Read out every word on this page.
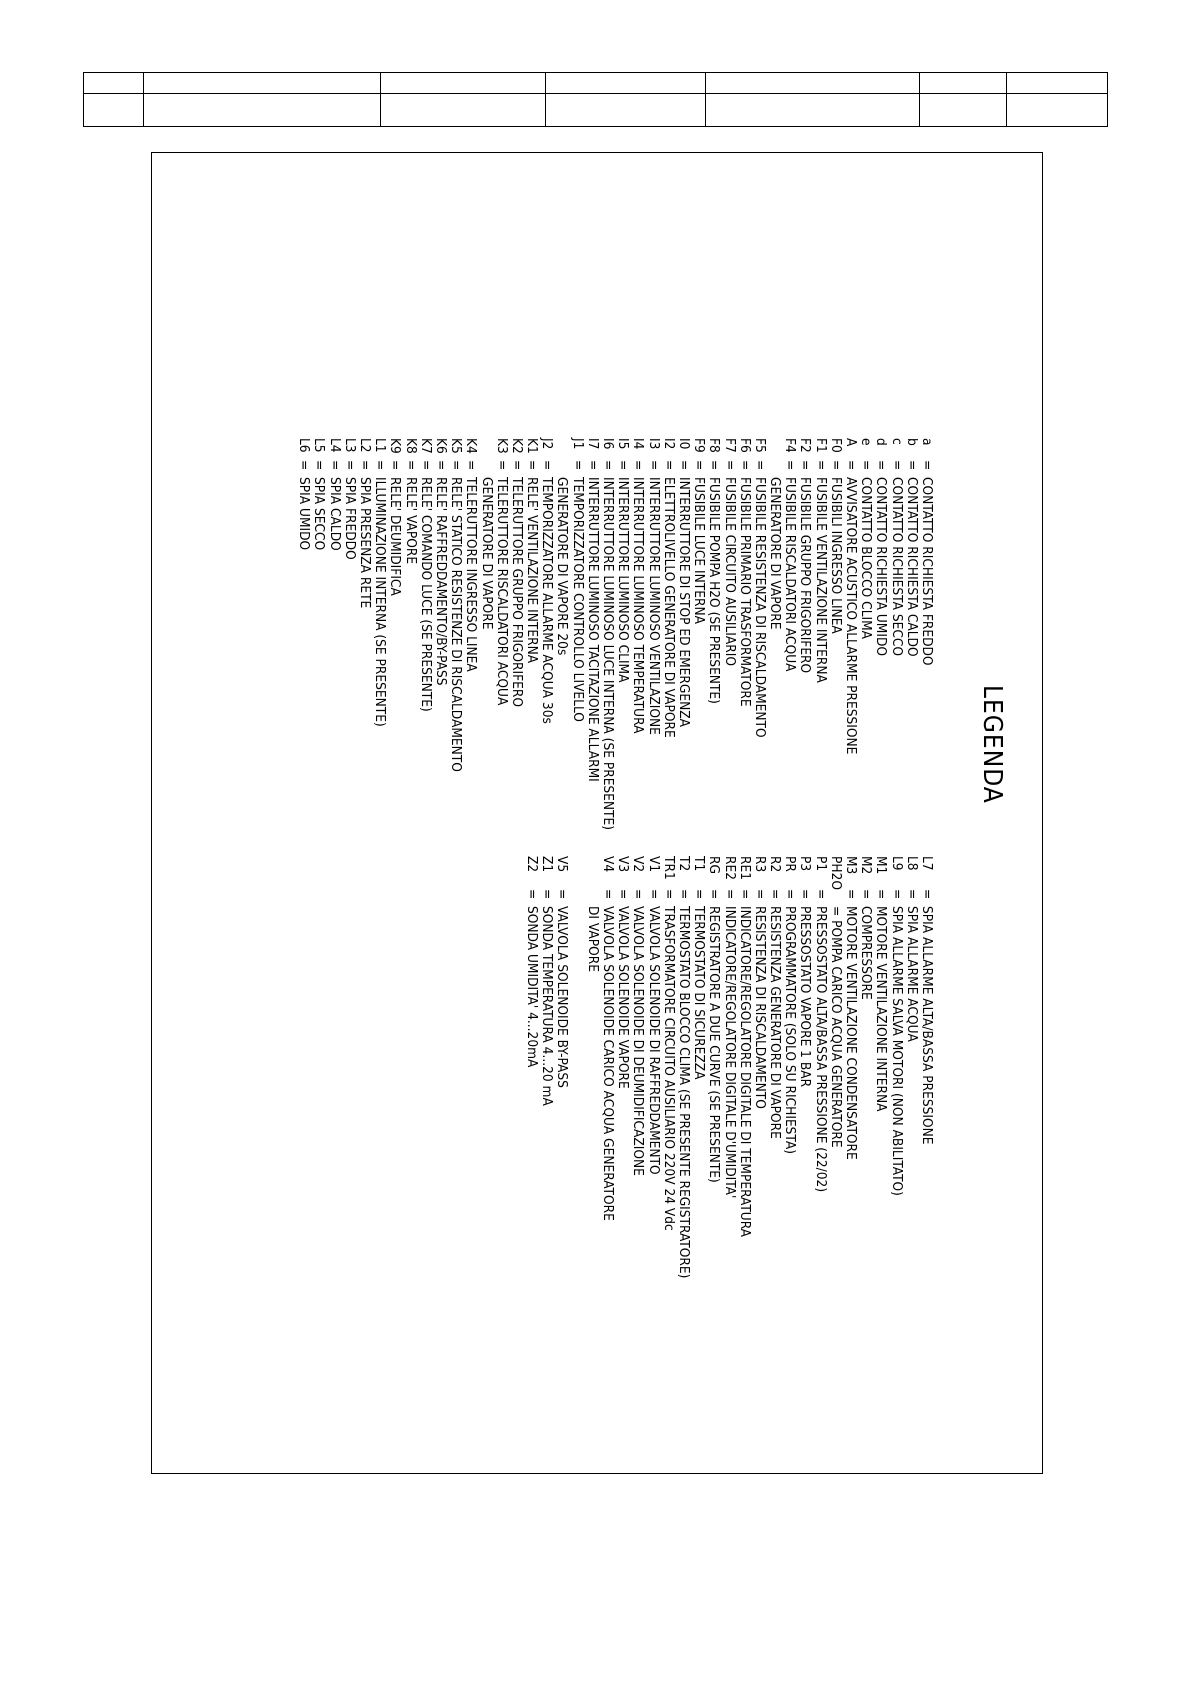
LEGENDA
a=CONTATTO RICHIESTA FREDDO
b=CONTATTO RICHIESTA CALDO
c=CONTATTO RICHIESTA SECCO
d=CONTATTO RICHIESTA UMIDO
e=CONTATTO BLOCCO CLIMA
A=AVVISATORE ACUSTICO ALLARME PRESSIONE
F0=FUSIBILI INGRESSO LINEA
F1=FUSIBILE VENTILAZIONE INTERNA
F2=FUSIBILE GRUPPO FRIGORIFERO
F4=FUSIBILE RISCALDATORI ACQUA
GENERATORE DI VAPORE
F5=FUSIBILE RESISTENZA DI RISCALDAMENTO
F6=FUSIBILE PRIMARIO TRASFORMATORE
F7=FUSIBILE CIRCUITO AUSILIARIO
F8=FUSIBILE POMPA H2O (SE PRESENTE)
F9=FUSIBILE LUCE INTERNA
I0=INTERRUTTORE DI STOP ED EMERGENZA
I2=ELETTROLIVELLO GENERATORE DI VAPORE
I3=INTERRUTTORE LUMINOSO VENTILAZIONE
I4=INTERRUTTORE LUMINOSO TEMPERATURA
I5=INTERRUTTORE LUMINOSO CLIMA
I6=INTERRUTTORE LUMINOSO LUCE INTERNA (SE PRESENTE)
I7=INTERRUTTORE LUMINOSO TACITAZIONE ALLARMI
J1=TEMPORIZZATORE CONTROLLO LIVELLO
GENERATORE DI VAPORE 20s
J2=TEMPORIZZATORE ALLARME ACQUA 30s
K1=RELE' VENTILAZIONE INTERNA
K2=TELERUTTORE GRUPPO FRIGORIFERO
K3=TELERUTTORE RISCALDATORI ACQUA
GENERATORE DI VAPORE
K4=TELERUTTORE INGRESSO LINEA
K5=RELE' STATICO RESISTENZE DI RISCALDAMENTO
K6=RELE' RAFFREDDAMENTO/BY-PASS
K7=RELE' COMANDO LUCE (SE PRESENTE)
K8=RELE' VAPORE
K9=RELE' DEUMIDIFICA
L1=ILLUMINAZIONE INTERNA (SE PRESENTE)
L2=SPIA PRESENZA RETE
L3=SPIA FREDDO
L4=SPIA CALDO
L5=SPIA SECCO
L6=SPIA UMIDO
L7=SPIA ALLARME ALTA/BASSA PRESSIONE
L8=SPIA ALLARME ACQUA
L9=SPIA ALLARME SALVA MOTORI (NON ABILITATO)
M1=MOTORE VENTILAZIONE INTERNA
M2=COMPRESSORE
M3=MOTORE VENTILAZIONE CONDENSATORE
PH2O= POMPA CARICO ACQUA GENERATORE
P1=PRESSOSTATO ALTA/BASSA PRESSIONE (22/02)
P3=PRESSOSTATO VAPORE 1 BAR
PR=PROGRAMMATORE (SOLO SU RICHIESTA)
R2=RESISTENZA GENERATORE DI VAPORE
R3=RESISTENZA DI RISCALDAMENTO
RE1=INDICATORE/REGOLATORE DIGITALE DI TEMPERATURA
RE2=INDICATORE/REGOLATORE DIGITALE D'UMIDITA'
RG=REGISTRATORE A DUE CURVE (SE PRESENTE)
T1=TERMOSTATO DI SICUREZZA
T2=TERMOSTATO BLOCCO CLIMA (SE PRESENTE REGISTRATORE)
TR1=TRASFORMATORE CIRCUITO AUSILIARIO 220V 24 Vdc
V1=VALVOLA SOLENOIDE DI RAFFREDDAMENTO
V2=VALVOLA SOLENOIDE DI DEUMIDIFICAZIONE
V3=VALVOLA SOLENOIDE VAPORE
V4=VALVOLA SOLENOIDE CARICO ACQUA GENERATORE
DI VAPORE
V5=VALVOLA SOLENOIDE BY-PASS
Z1=SONDA TEMPERATURA 4...20 mA
Z2=SONDA UMIDITA' 4...20mA
